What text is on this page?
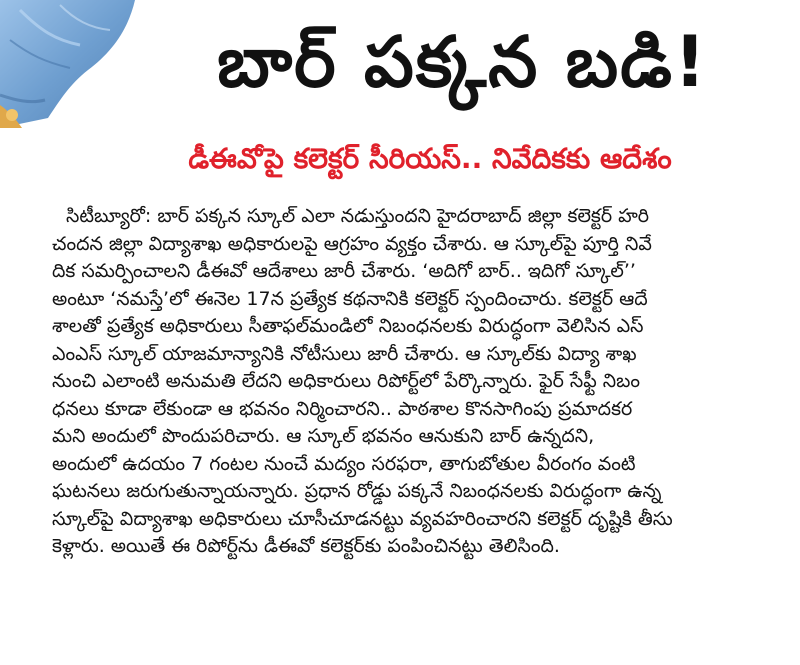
బార్ పక్కన బడి!
డీఈవోపై కలెక్టర్ సీరియస్.. నివేదికకు ఆదేశం
సిటీబ్యూరో: బార్ పక్కన స్కూల్ ఎలా నడుస్తుందని హైదరాబాద్ జిల్లా కలెక్టర్ హరి
చందన జిల్లా విద్యాశాఖ అధికారులపై ఆగ్రహం వ్యక్తం చేశారు. ఆ స్కూల్‌పై పూర్తి నివే
దిక సమర్పించాలని డీఈవో ఆదేశాలు జారీ చేశారు. ‘అదిగో బార్.. ఇదిగో స్కూల్’’
అంటూ ‘నమస్తే’లో ఈనెల 17న ప్రత్యేక కథనానికి కలెక్టర్ స్పందించారు. కలెక్టర్ ఆదే
శాలతో ప్రత్యేక అధికారులు సీతాఫల్‌మండిలో నిబంధనలకు విరుద్ధంగా వెలిసిన ఎస్
ఎంఎస్ స్కూల్ యాజమాన్యానికి నోటీసులు జారీ చేశారు. ఆ స్కూల్‌కు విద్యా శాఖ
నుంచి ఎలాంటి అనుమతి లేదని అధికారులు రిపోర్ట్‌లో పేర్కొన్నారు. ఫైర్ సేఫ్టీ నిబం
ధనలు కూడా లేకుండా ఆ భవనం నిర్మించారని.. పాఠశాల కొనసాగింపు ప్రమాదకర
మని అందులో పొందుపరిచారు. ఆ స్కూల్ భవనం ఆనుకుని బార్ ఉన్నదని,
అందులో ఉదయం 7 గంటల నుంచే మద్యం సరఫరా, తాగుబోతుల వీరంగం వంటి
ఘటనలు జరుగుతున్నాయన్నారు. ప్రధాన రోడ్డు పక్కనే నిబంధనలకు విరుద్ధంగా ఉన్న
స్కూల్‌పై విద్యాశాఖ అధికారులు చూసీచూడనట్టు వ్యవహరించారని కలెక్టర్ దృష్టికి తీసు
కెళ్లారు. అయితే ఈ రిపోర్ట్‌ను డీఈవో కలెక్టర్‌కు పంపించినట్టు తెలిసింది.
